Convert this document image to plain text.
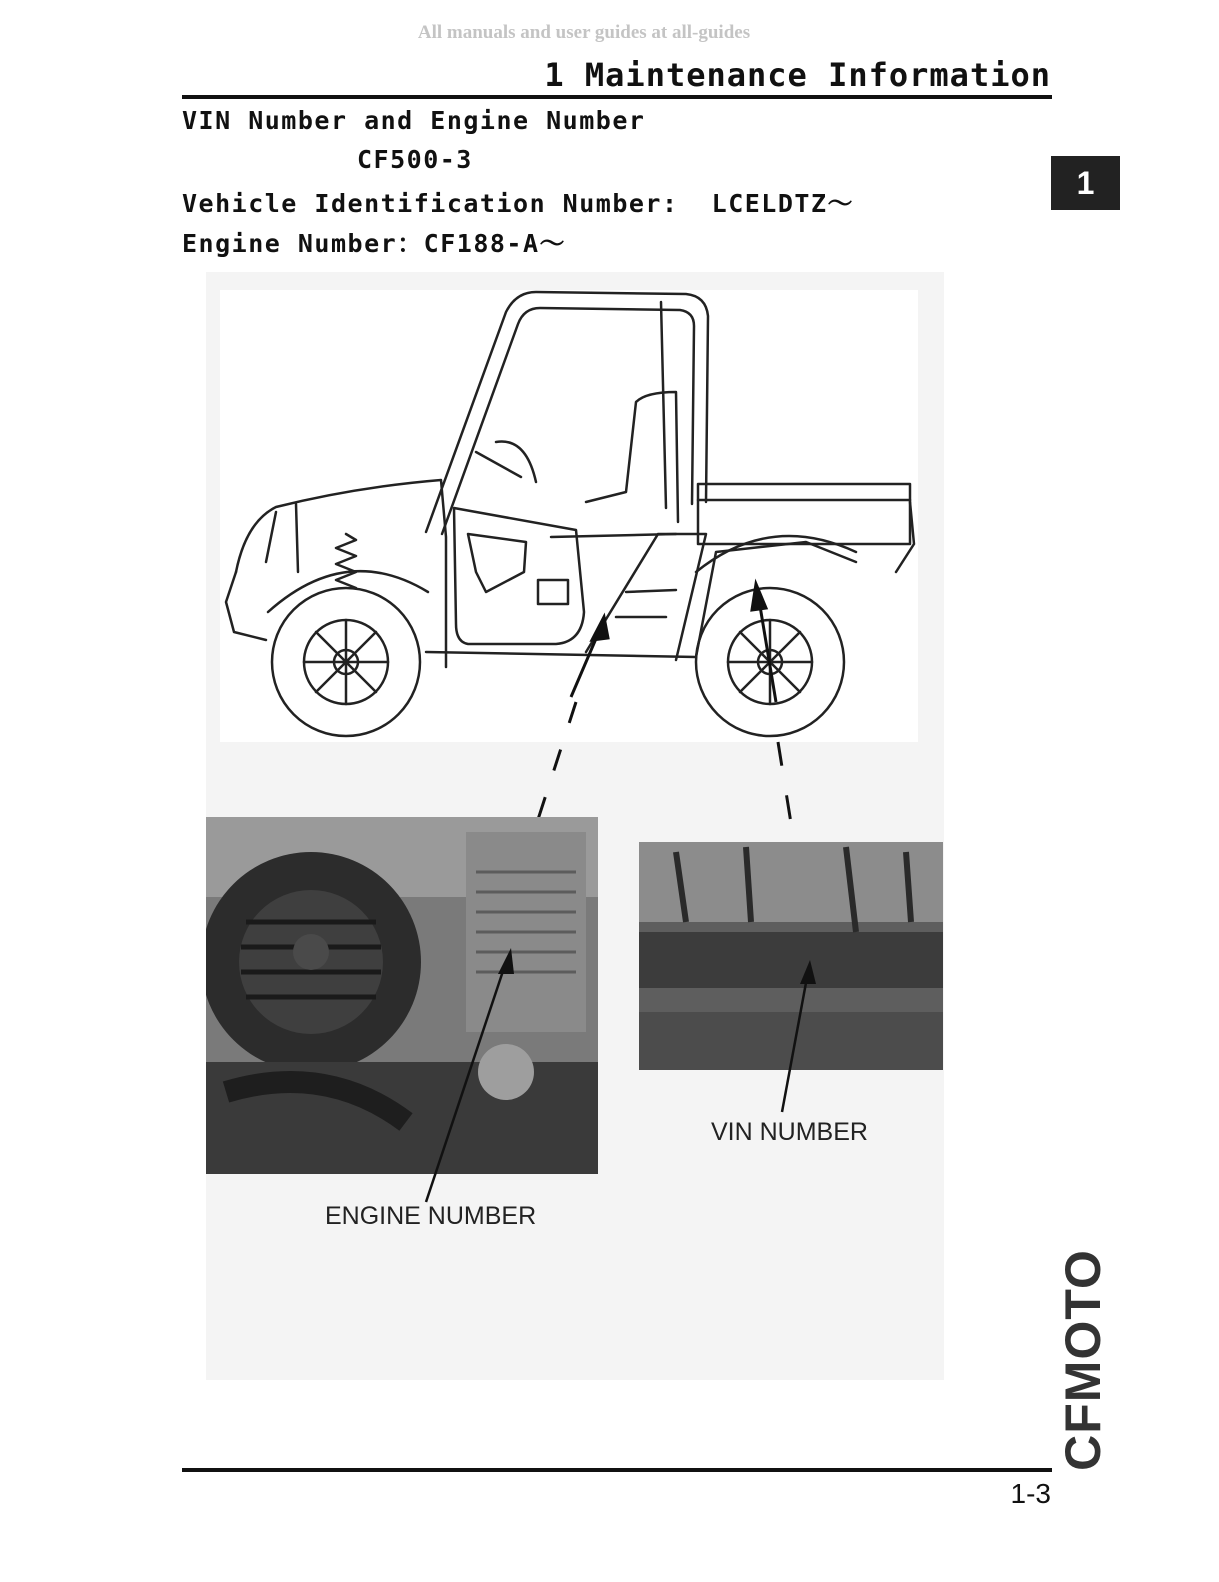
All manuals and user guides at all-guides
1 Maintenance Information
VIN Number and Engine Number
CF500-3
Vehicle Identification Number:  LCELDTZ～
Engine Number：CF188-A～
1
ENGINE NUMBER
VIN NUMBER
CFMOTO
1-3
